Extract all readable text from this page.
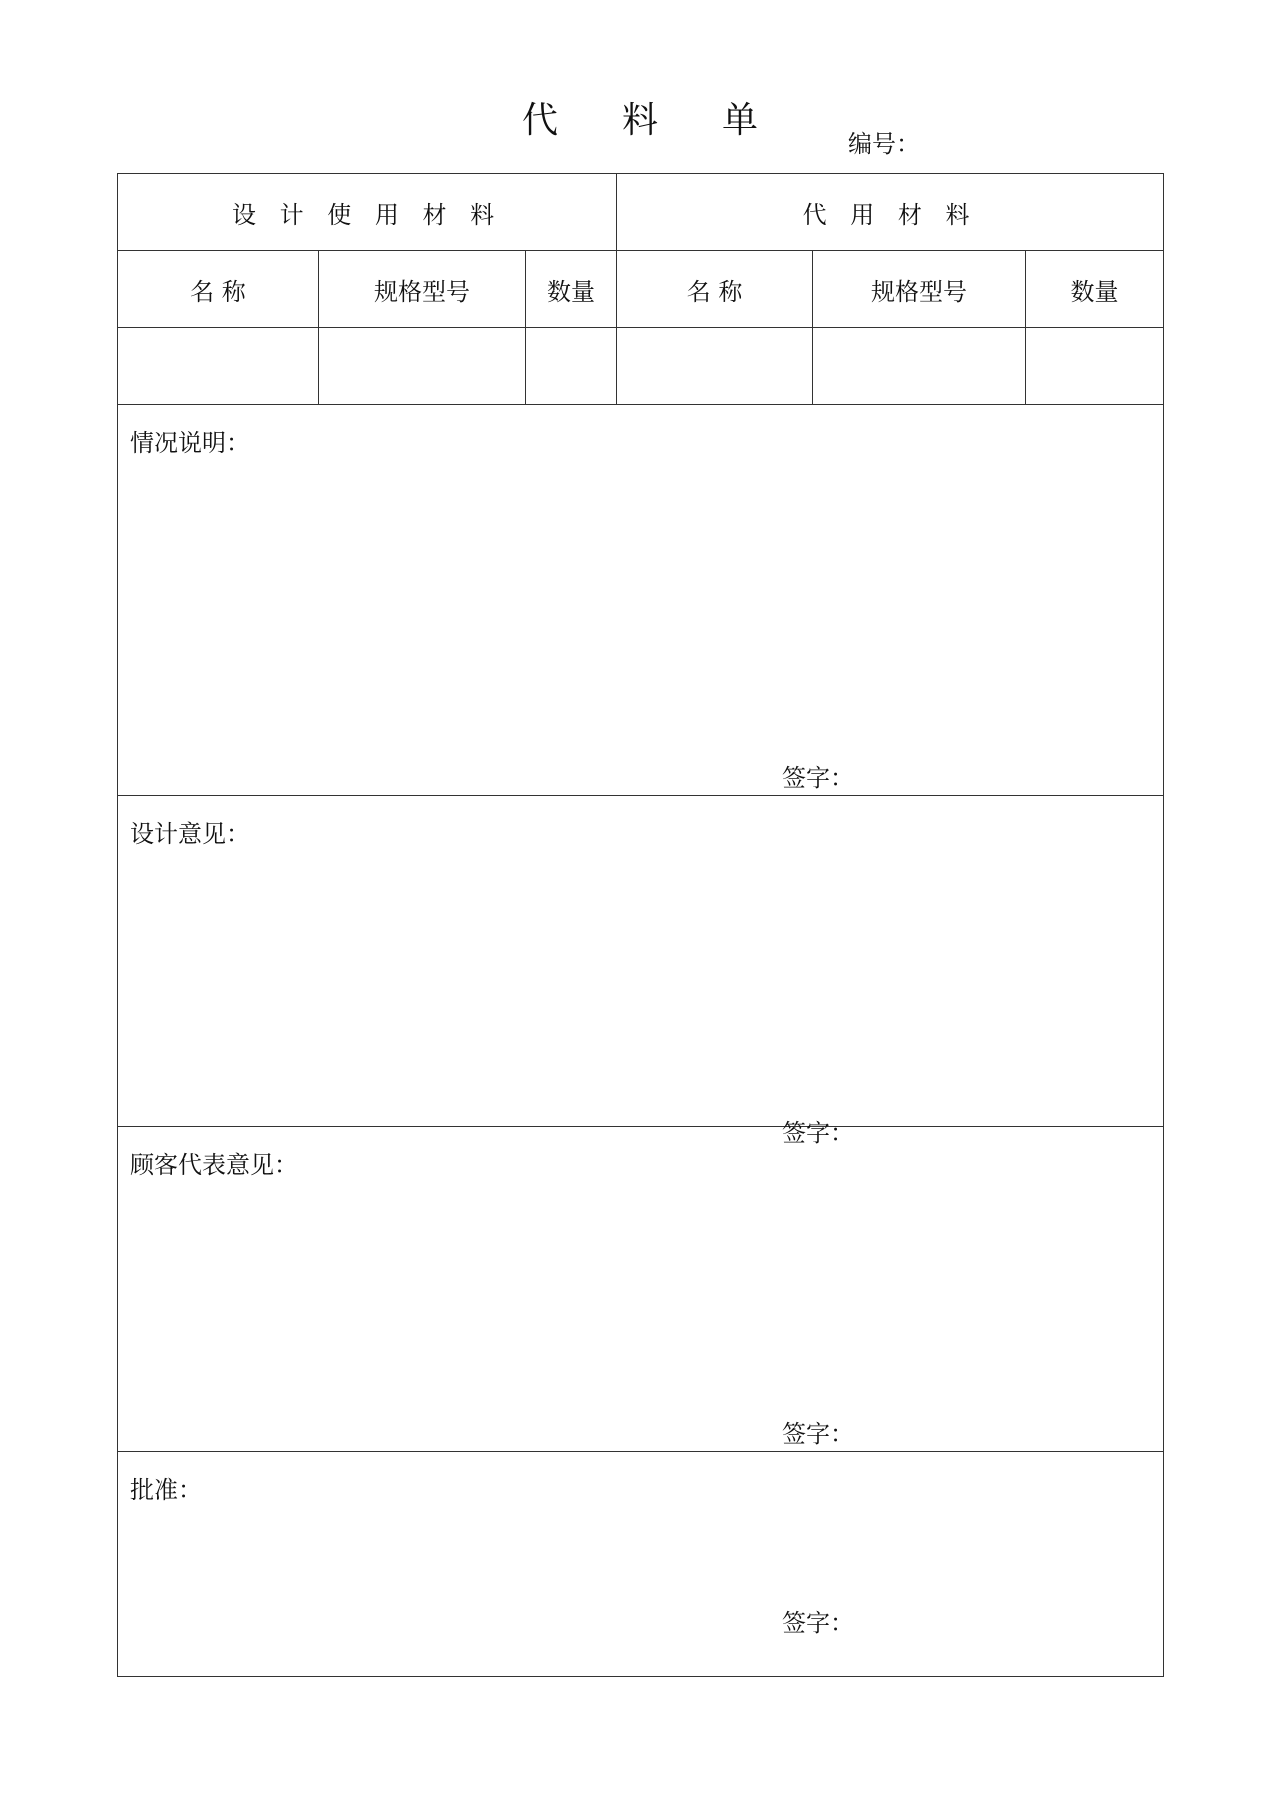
代 料 单
编号：
设 计 使 用 材 料			代 用 材 料		
名 称	规格型号	数量	名 称	规格型号	数量

情况说明：
签字：					

设计意见：
签字：					

顾客代表意见：
签字：					

批准：
签字：					
